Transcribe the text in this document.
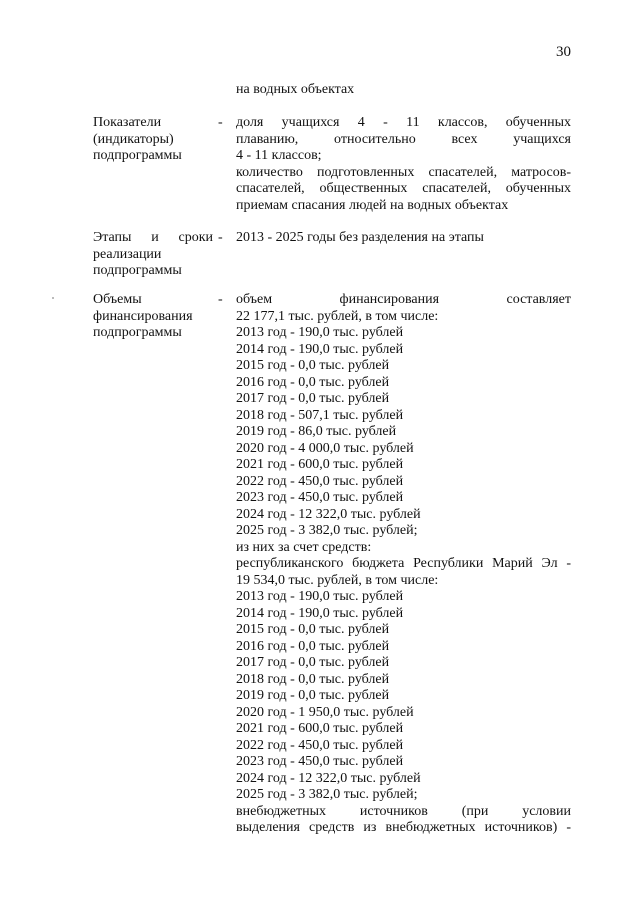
30
на водных объектах
Показатели
(индикаторы)
подпрограммы
- доля учащихся 4 - 11 классов, обученных
плаванию, относительно всех учащихся
4 - 11 классов;
количество подготовленных спасателей, матросов-
спасателей, общественных спасателей, обученных
приемам спасания людей на водных объектах
Этапы и сроки
реализации
подпрограммы
- 2013 - 2025 годы без разделения на этапы
Объемы
финансирования
подпрограммы
- объем финансирования составляет
22 177,1 тыс. рублей, в том числе:
2013 год - 190,0 тыс. рублей
2014 год - 190,0 тыс. рублей
2015 год - 0,0 тыс. рублей
2016 год - 0,0 тыс. рублей
2017 год - 0,0 тыс. рублей
2018 год - 507,1 тыс. рублей
2019 год - 86,0 тыс. рублей
2020 год - 4 000,0 тыс. рублей
2021 год - 600,0 тыс. рублей
2022 год - 450,0 тыс. рублей
2023 год - 450,0 тыс. рублей
2024 год - 12 322,0 тыс. рублей
2025 год - 3 382,0 тыс. рублей;
из них за счет средств:
республиканского бюджета Республики Марий Эл -
19 534,0 тыс. рублей, в том числе:
2013 год - 190,0 тыс. рублей
2014 год - 190,0 тыс. рублей
2015 год - 0,0 тыс. рублей
2016 год - 0,0 тыс. рублей
2017 год - 0,0 тыс. рублей
2018 год - 0,0 тыс. рублей
2019 год - 0,0 тыс. рублей
2020 год - 1 950,0 тыс. рублей
2021 год - 600,0 тыс. рублей
2022 год - 450,0 тыс. рублей
2023 год - 450,0 тыс. рублей
2024 год - 12 322,0 тыс. рублей
2025 год - 3 382,0 тыс. рублей;
внебюджетных источников (при условии
выделения средств из внебюджетных источников) -
